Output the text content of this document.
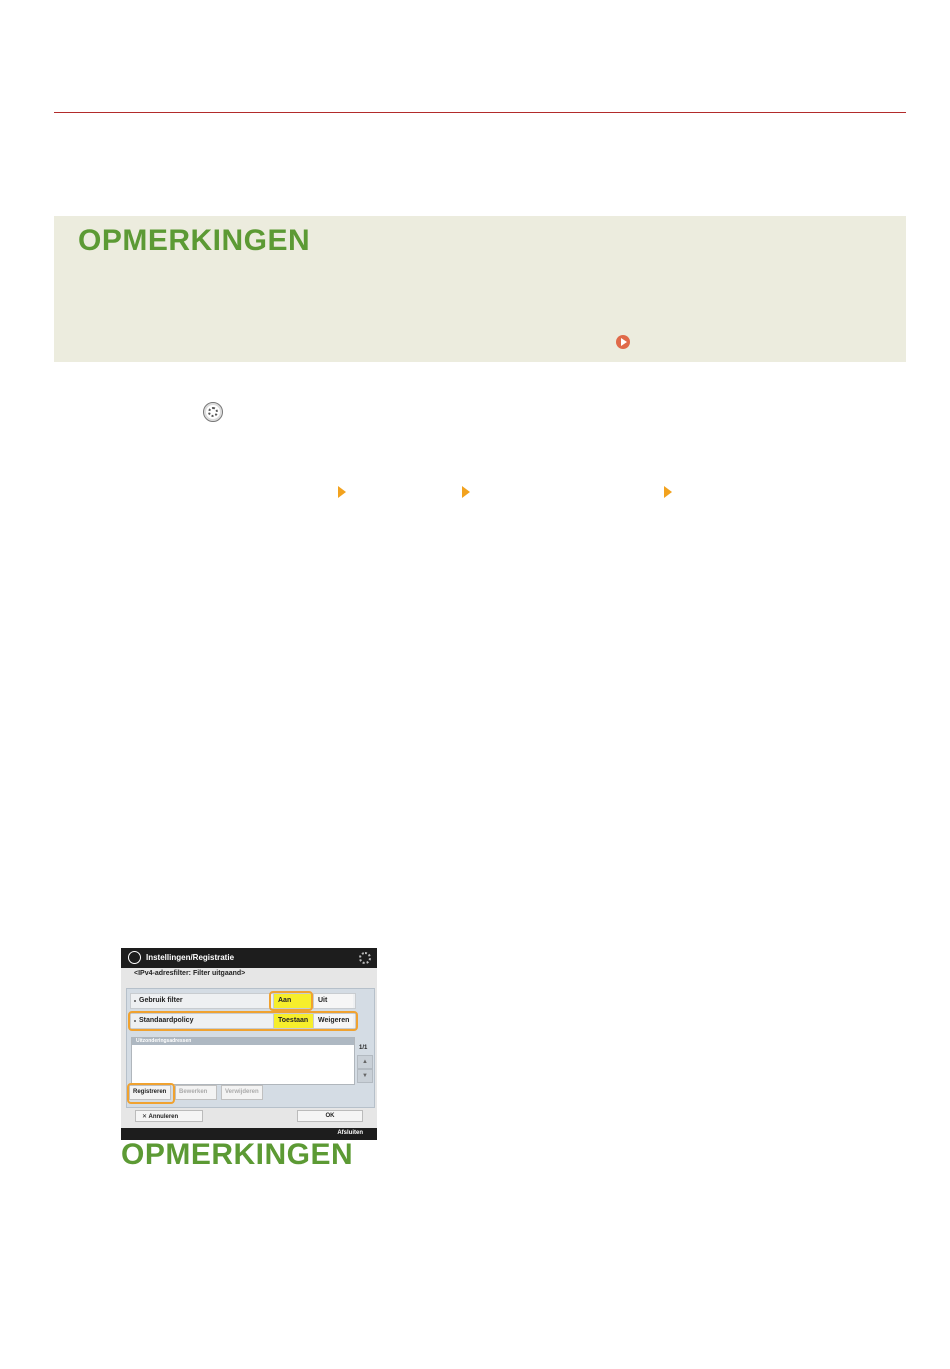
OPMERKINGEN
Instellingen/Registratie
<IPv4-adresfilter: Filter uitgaand>
Gebruik filter	Aan	Uit
Standaardpolicy	Toestaan	Weigeren
Uitzonderingsadressen
1/1
▲
▼
Registreren	Bewerken	Verwijderen
✕ Annuleren	OK
Afsluiten
OPMERKINGEN
